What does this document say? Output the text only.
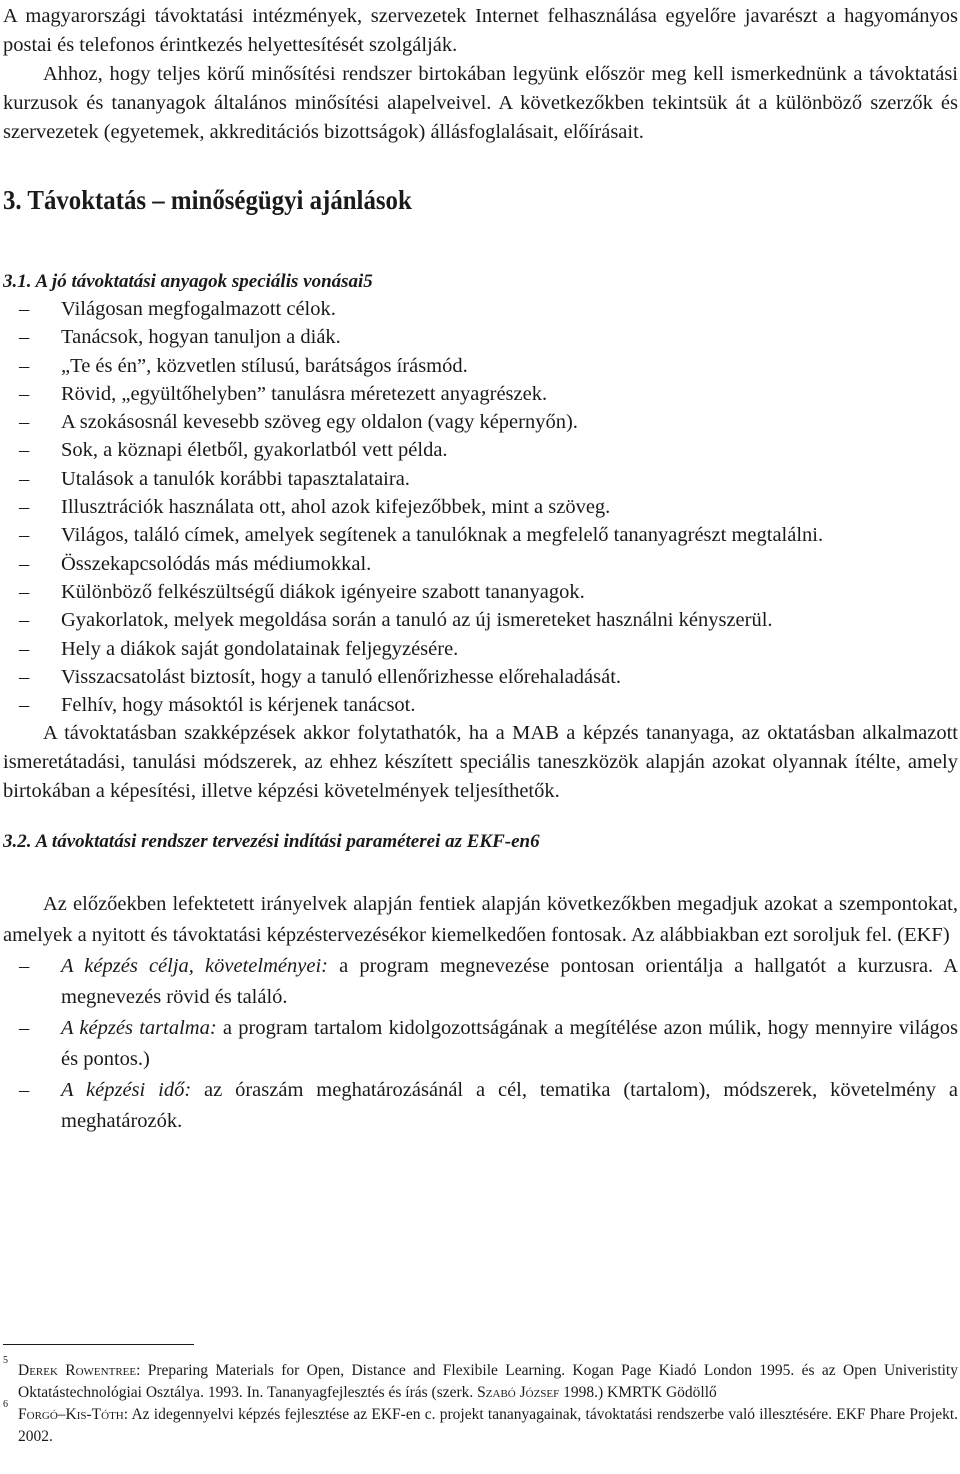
A magyarországi távoktatási intézmények, szervezetek Internet felhasználása egyelőre javarészt a hagyományos postai és telefonos érintkezés helyettesítését szolgálják.

Ahhoz, hogy teljes körű minősítési rendszer birtokában legyünk először meg kell ismerkednünk a távoktatási kurzusok és tananyagok általános minősítési alapelveivel. A következőkben tekintsük át a különböző szerzők és szervezetek (egyetemek, akkreditációs bizottságok) állásfoglalásait, előírásait.

3. Távoktatás – minőségügyi ajánlások
3.1. A jó távoktatási anyagok speciális vonásai5
– Világosan megfogalmazott célok.
– Tanácsok, hogyan tanuljon a diák.
– „Te és én”, közvetlen stílusú, barátságos írásmód.
– Rövid, „együltőhelyben” tanulásra méretezett anyagrészek.
– A szokásosnál kevesebb szöveg egy oldalon (vagy képernyőn).
– Sok, a köznapi életből, gyakorlatból vett példa.
– Utalások a tanulók korábbi tapasztalataira.
– Illusztrációk használata ott, ahol azok kifejezőbbek, mint a szöveg.
– Világos, találó címek, amelyek segítenek a tanulóknak a megfelelő tananyagrészt megtalálni.
– Összekapcsolódás más médiumokkal.
– Különböző felkészültségű diákok igényeire szabott tananyagok.
– Gyakorlatok, melyek megoldása során a tanuló az új ismereteket használni kényszerül.
– Hely a diákok saját gondolatainak feljegyzésére.
– Visszacsatolást biztosít, hogy a tanuló ellenőrizhesse előrehaladását.
– Felhív, hogy másoktól is kérjenek tanácsot.

A távoktatásban szakképzések akkor folytathatók, ha a MAB a képzés tananyaga, az oktatásban alkalmazott ismeretátadási, tanulási módszerek, az ehhez készített speciális taneszközök alapján azokat olyannak ítélte, amely birtokában a képesítési, illetve képzési követelmények teljesíthetők.

3.2. A távoktatási rendszer tervezési indítási paraméterei az EKF-en6

Az előzőekben lefektetett irányelvek alapján fentiek alapján következőkben megadjuk azokat a szempontokat, amelyek a nyitott és távoktatási képzéstervezésékor kiemelkedően fontosak. Az alábbiakban ezt soroljuk fel. (EKF)

– A képzés célja, követelményei: a program megnevezése pontosan orientálja a hallgatót a kurzusra. A megnevezés rövid és találó.
– A képzés tartalma: a program tartalom kidolgozottságának a megítélése azon múlik, hogy mennyire világos és pontos.)
– A képzési idő: az óraszám meghatározásánál a cél, tematika (tartalom), módszerek, követelmény a meghatározók.

5
Derek Rowentree: Preparing Materials for Open, Distance and Flexibile Learning. Kogan Page Kiadó London 1995. és az Open Univeristity Oktatástechnológiai Osztálya. 1993. In. Tananyagfejlesztés és írás (szerk. Szabó József 1998.) KMRTK Gödöllő

6
Forgó–Kis-Tóth: Az idegennyelvi képzés fejlesztése az EKF-en c. projekt tananyagainak, távoktatási rendszerbe való illesztésére. EKF Phare Projekt. 2002.
